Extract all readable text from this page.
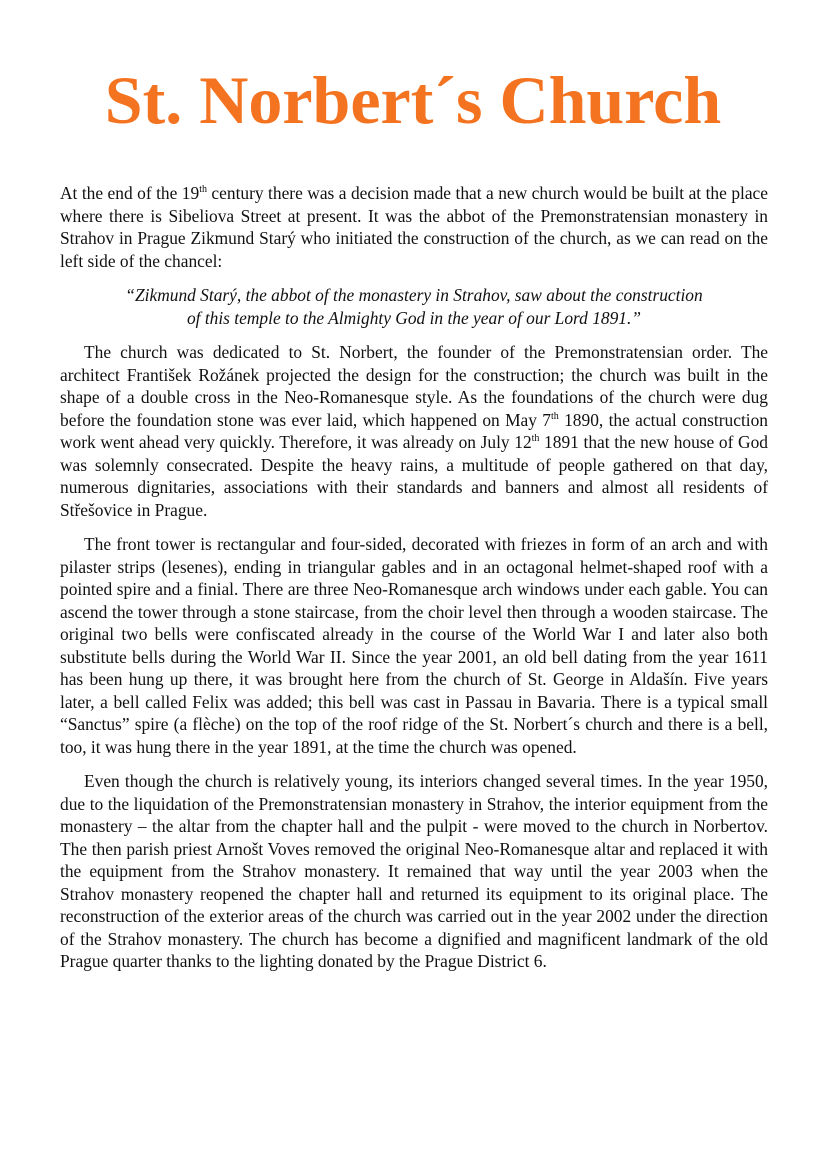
St. Norbert´s Church

At the end of the 19th century there was a decision made that a new church would be built at the place where there is Sibeliova Street at present. It was the abbot of the Premonstratensian monastery in Strahov in Prague Zikmund Starý who initiated the construction of the church, as we can read on the left side of the chancel:

“Zikmund Starý, the abbot of the monastery in Strahov, saw about the construction
of this temple to the Almighty God in the year of our Lord 1891.”

The church was dedicated to St. Norbert, the founder of the Premonstratensian order. The architect František Rožánek projected the design for the construction; the church was built in the shape of a double cross in the Neo-Romanesque style. As the foundations of the church were dug before the foundation stone was ever laid, which happened on May 7th 1890, the actual construction work went ahead very quickly. Therefore, it was already on July 12th 1891 that the new house of God was solemnly consecrated. Despite the heavy rains, a multitude of people gathered on that day, numerous dignitaries, associations with their standards and banners and almost all residents of Střešovice in Prague.

The front tower is rectangular and four-sided, decorated with friezes in form of an arch and with pilaster strips (lesenes), ending in triangular gables and in an octagonal helmet-shaped roof with a pointed spire and a finial. There are three Neo-Romanesque arch windows under each gable. You can ascend the tower through a stone staircase, from the choir level then through a wooden staircase. The original two bells were confiscated already in the course of the World War I and later also both substitute bells during the World War II. Since the year 2001, an old bell dating from the year 1611 has been hung up there, it was brought here from the church of St. George in Aldašín. Five years later, a bell called Felix was added; this bell was cast in Passau in Bavaria. There is a typical small “Sanctus” spire (a flèche) on the top of the roof ridge of the St. Norbert´s church and there is a bell, too, it was hung there in the year 1891, at the time the church was opened.

Even though the church is relatively young, its interiors changed several times. In the year 1950, due to the liquidation of the Premonstratensian monastery in Strahov, the interior equipment from the monastery – the altar from the chapter hall and the pulpit - were moved to the church in Norbertov. The then parish priest Arnošt Voves removed the original Neo-Romanesque altar and replaced it with the equipment from the Strahov monastery. It remained that way until the year 2003 when the Strahov monastery reopened the chapter hall and returned its equipment to its original place. The reconstruction of the exterior areas of the church was carried out in the year 2002 under the direction of the Strahov monastery. The church has become a dignified and magnificent landmark of the old Prague quarter thanks to the lighting donated by the Prague District 6.
